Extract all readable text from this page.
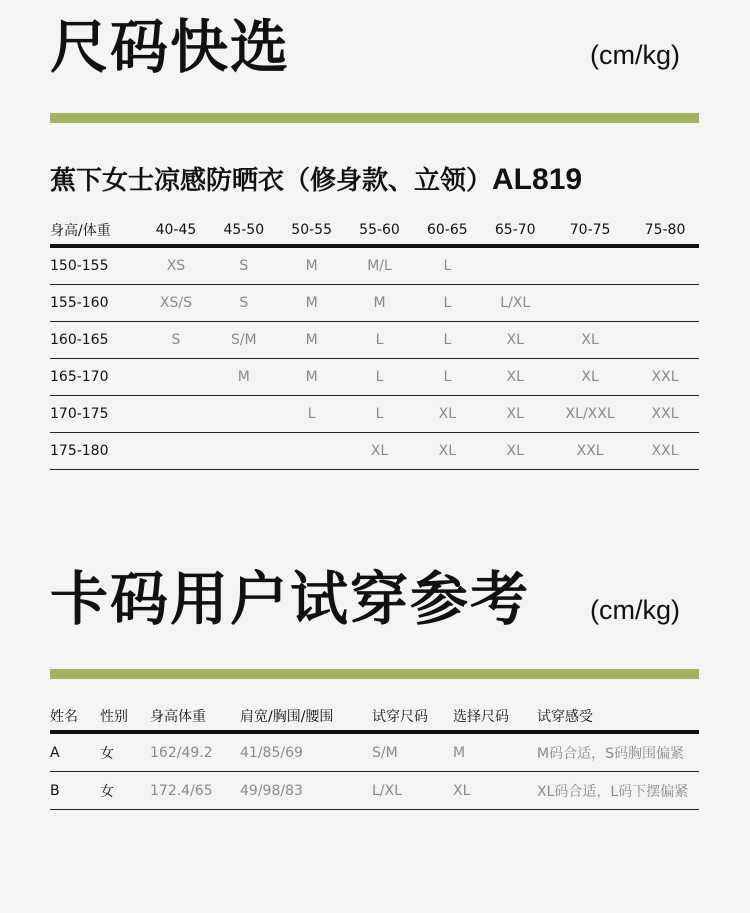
尺码快选	(cm/kg)
蕉下女士凉感防晒衣（修身款、立领）AL819
身高/体重	40-45	45-50	50-55	55-60	60-65	65-70	70-75	75-80
150-155	XS	S	M	M/L	L			
155-160	XS/S	S	M	M	L	L/XL		
160-165	S	S/M	M	L	L	XL	XL	
165-170		M	M	L	L	XL	XL	XXL
170-175			L	L	XL	XL	XL/XXL	XXL
175-180				XL	XL	XL	XXL	XXL
卡码用户试穿参考 (cm/kg)
姓名	性别	身高体重	肩宽/胸围/腰围	试穿尺码	选择尺码	试穿感受
A	女	162/49.2	41/85/69	S/M	M	M码合适，S码胸围偏紧
B	女	172.4/65	49/98/83	L/XL	XL	XL码合适，L码下摆偏紧
